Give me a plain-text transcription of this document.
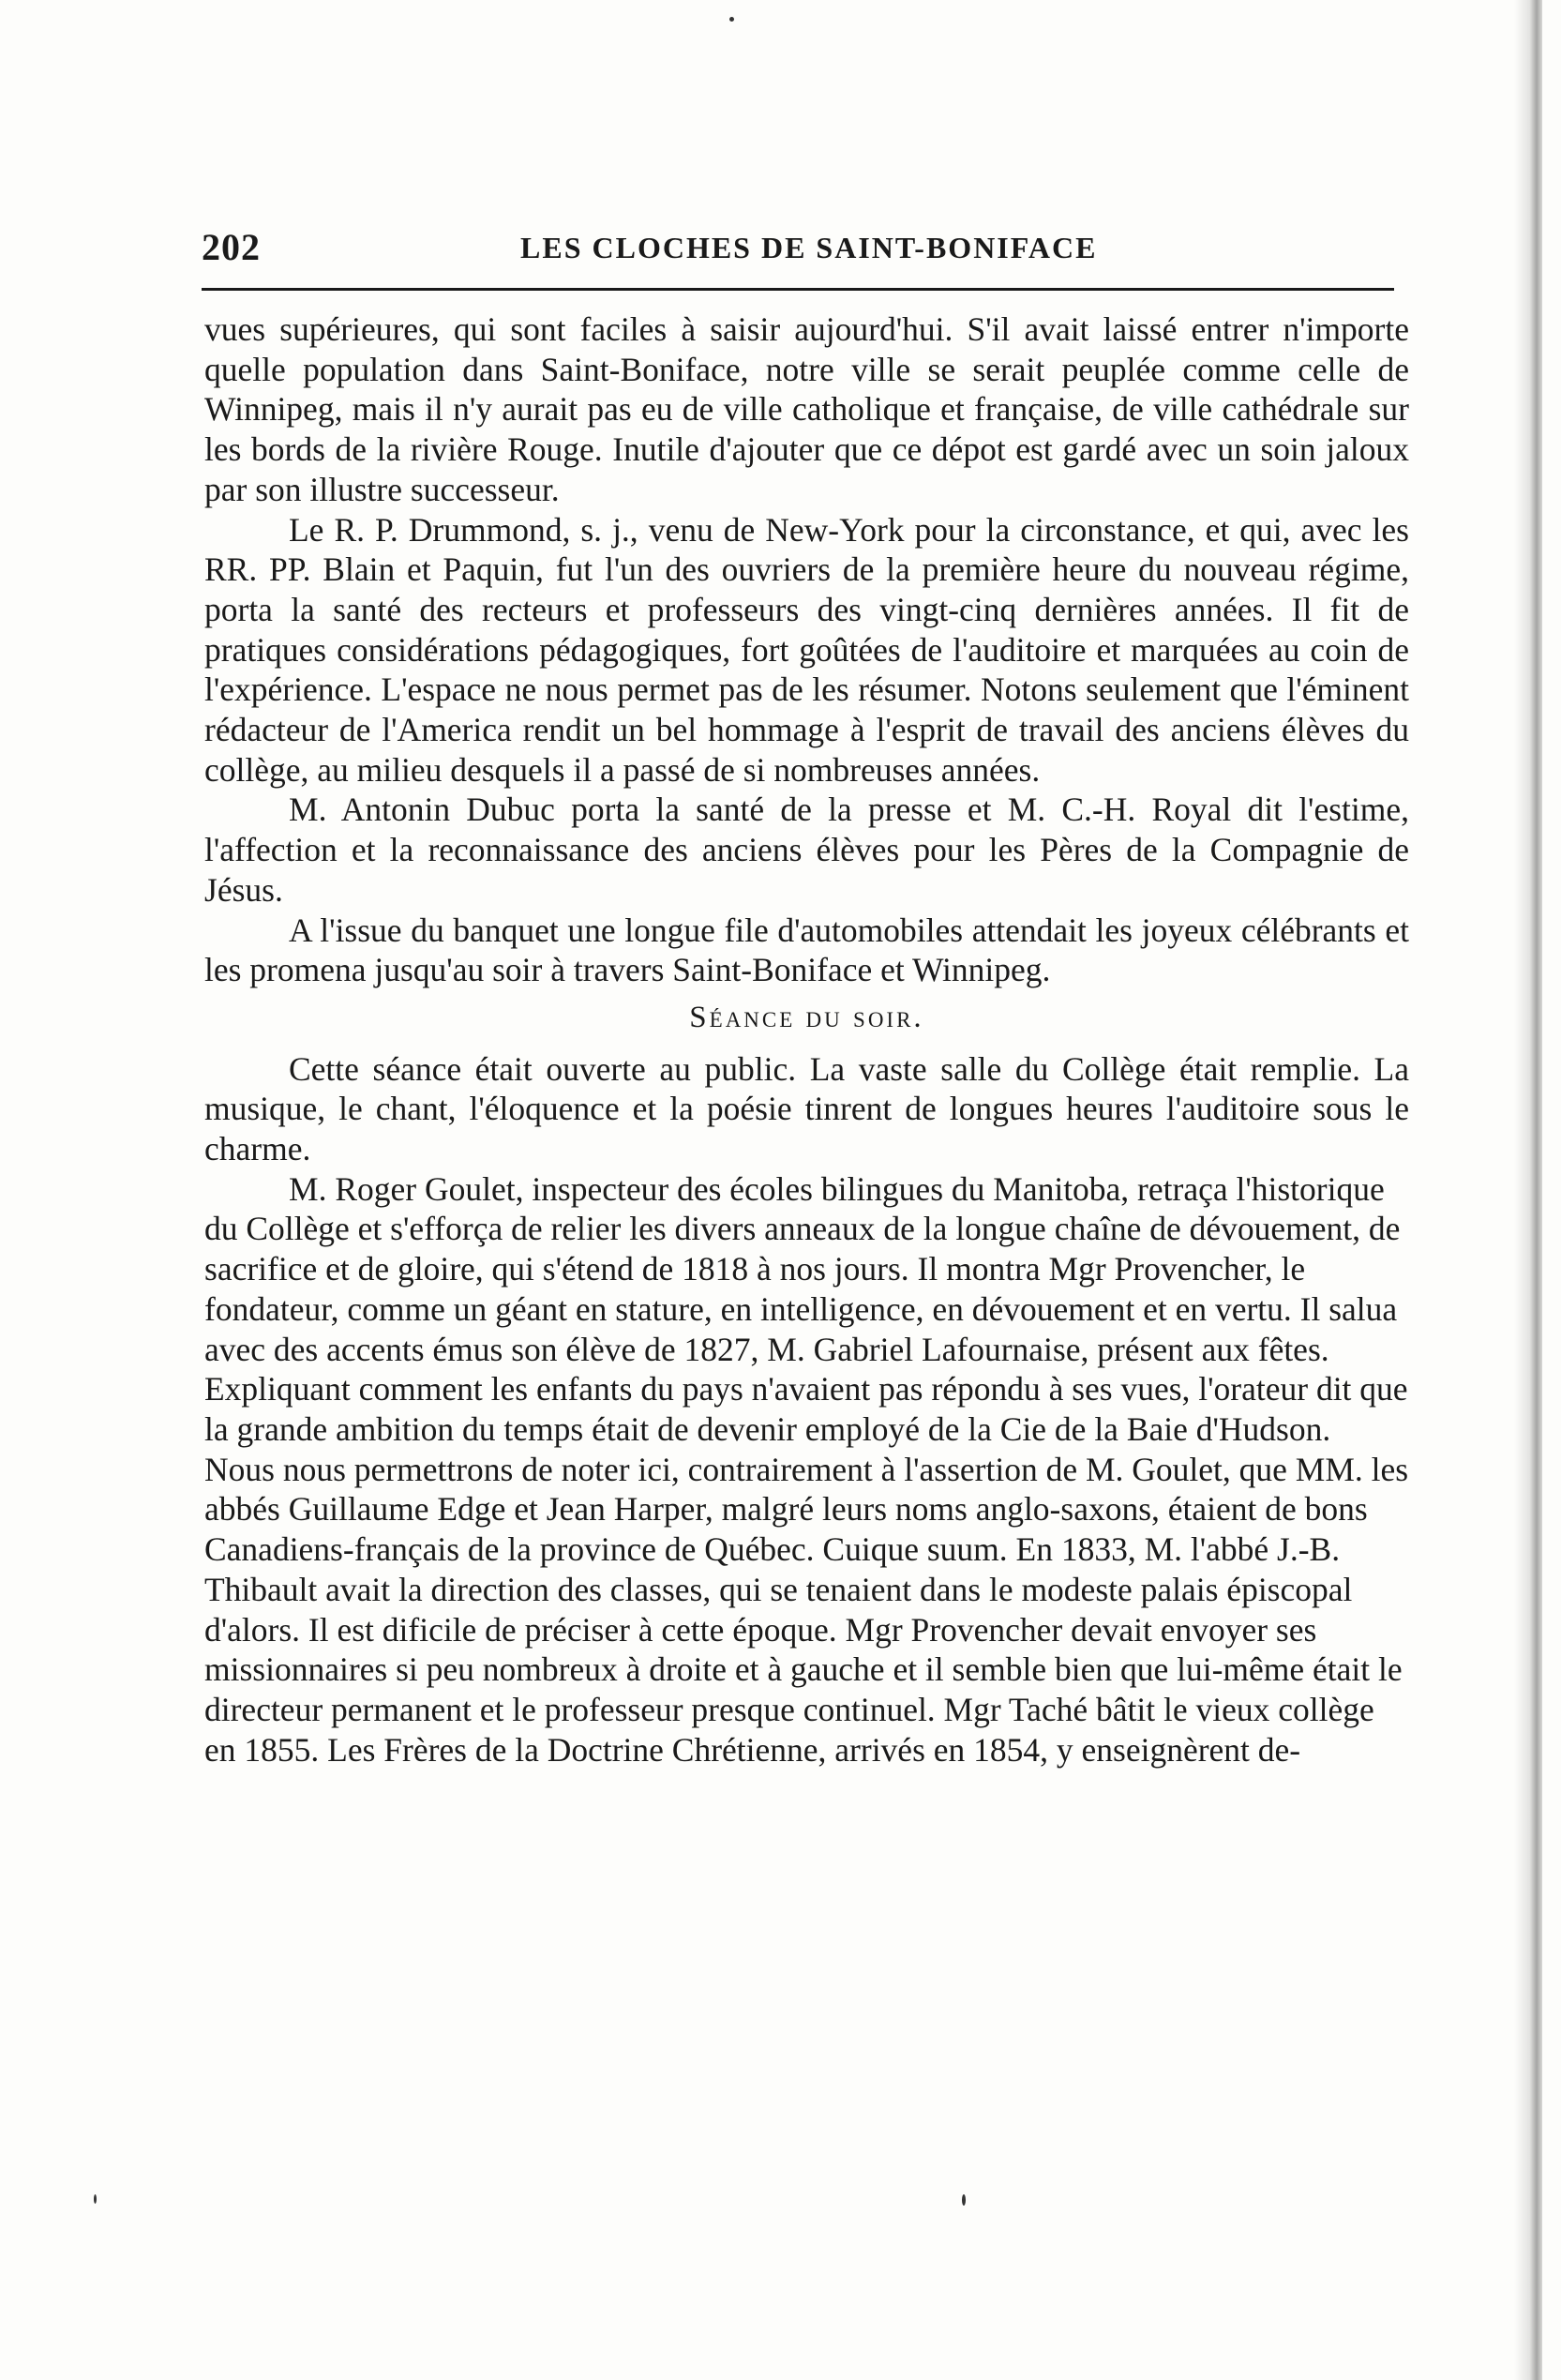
202	LES CLOCHES DE SAINT-BONIFACE

vues supérieures, qui sont faciles à saisir aujourd'hui. S'il avait laissé entrer n'importe quelle population dans Saint-Boniface, notre ville se serait peuplée comme celle de Winnipeg, mais il n'y aurait pas eu de ville catholique et française, de ville cathédrale sur les bords de la rivière Rouge. Inutile d'ajouter que ce dépot est gardé avec un soin jaloux par son illustre successeur.

Le R. P. Drummond, s. j., venu de New-York pour la circonstance, et qui, avec les RR. PP. Blain et Paquin, fut l'un des ouvriers de la première heure du nouveau régime, porta la santé des recteurs et professeurs des vingt-cinq dernières années. Il fit de pratiques considérations pédagogiques, fort goûtées de l'auditoire et marquées au coin de l'expérience. L'espace ne nous permet pas de les résumer. Notons seulement que l'éminent rédacteur de l'America rendit un bel hommage à l'esprit de travail des anciens élèves du collège, au milieu desquels il a passé de si nombreuses années.

M. Antonin Dubuc porta la santé de la presse et M. C.-H. Royal dit l'estime, l'affection et la reconnaissance des anciens élèves pour les Pères de la Compagnie de Jésus.

A l'issue du banquet une longue file d'automobiles attendait les joyeux célébrants et les promena jusqu'au soir à travers Saint-Boniface et Winnipeg.

Séance du soir.

Cette séance était ouverte au public. La vaste salle du Collège était remplie. La musique, le chant, l'éloquence et la poésie tinrent de longues heures l'auditoire sous le charme.

M. Roger Goulet, inspecteur des écoles bilingues du Manitoba, retraça l'historique du Collège et s'efforça de relier les divers anneaux de la longue chaîne de dévouement, de sacrifice et de gloire, qui s'étend de 1818 à nos jours. Il montra Mgr Provencher, le fondateur, comme un géant en stature, en intelligence, en dévouement et en vertu. Il salua avec des accents émus son élève de 1827, M. Gabriel Lafournaise, présent aux fêtes. Expliquant comment les enfants du pays n'avaient pas répondu à ses vues, l'orateur dit que la grande ambition du temps était de devenir employé de la Cie de la Baie d'Hudson. Nous nous permettrons de noter ici, contrairement à l'assertion de M. Goulet, que MM. les abbés Guillaume Edge et Jean Harper, malgré leurs noms anglo-saxons, étaient de bons Canadiens-français de la province de Québec. Cuique suum. En 1833, M. l'abbé J.-B. Thibault avait la direction des classes, qui se tenaient dans le modeste palais épiscopal d'alors. Il est dificile de préciser à cette époque. Mgr Provencher devait envoyer ses missionnaires si peu nombreux à droite et à gauche et il semble bien que lui-même était le directeur permanent et le professeur presque continuel. Mgr Taché bâtit le vieux collège en 1855. Les Frères de la Doctrine Chrétienne, arrivés en 1854, y enseignèrent de-
